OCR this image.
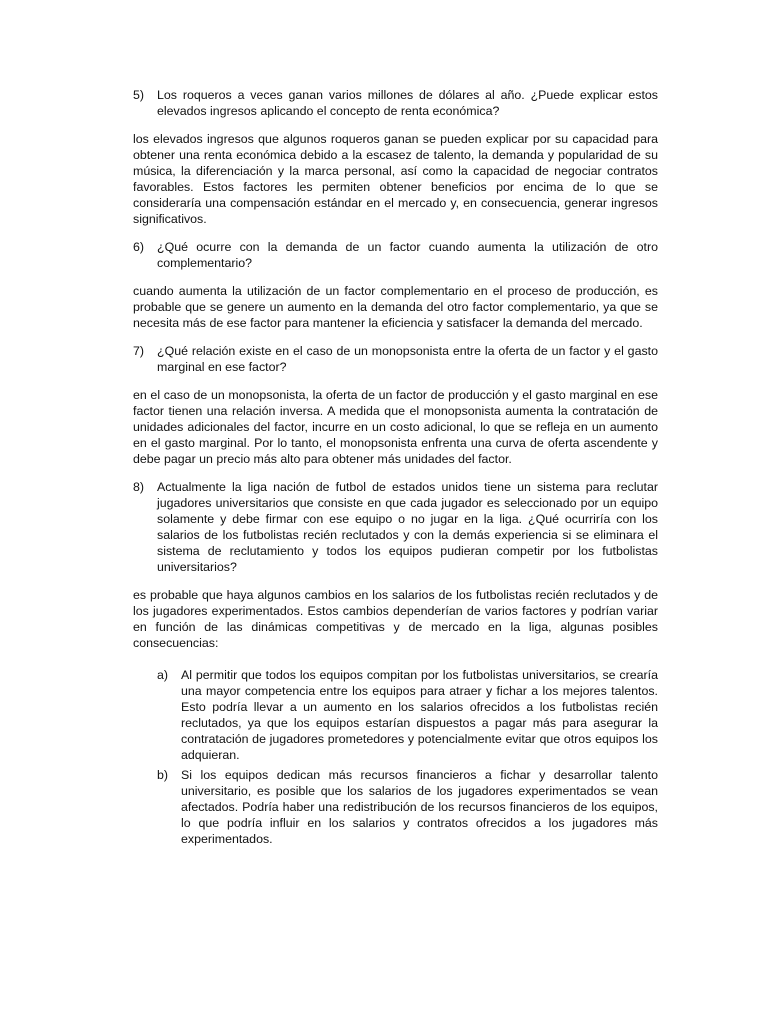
5)	Los roqueros a veces ganan varios millones de dólares al año. ¿Puede explicar estos elevados ingresos aplicando el concepto de renta económica?

los elevados ingresos que algunos roqueros ganan se pueden explicar por su capacidad para obtener una renta económica debido a la escasez de talento, la demanda y popularidad de su música, la diferenciación y la marca personal, así como la capacidad de negociar contratos favorables. Estos factores les permiten obtener beneficios por encima de lo que se consideraría una compensación estándar en el mercado y, en consecuencia, generar ingresos significativos.

6)	¿Qué ocurre con la demanda de un factor cuando aumenta la utilización de otro complementario?

cuando aumenta la utilización de un factor complementario en el proceso de producción, es probable que se genere un aumento en la demanda del otro factor complementario, ya que se necesita más de ese factor para mantener la eficiencia y satisfacer la demanda del mercado.

7)	¿Qué relación existe en el caso de un monopsonista entre la oferta de un factor y el gasto marginal en ese factor?

en el caso de un monopsonista, la oferta de un factor de producción y el gasto marginal en ese factor tienen una relación inversa. A medida que el monopsonista aumenta la contratación de unidades adicionales del factor, incurre en un costo adicional, lo que se refleja en un aumento en el gasto marginal. Por lo tanto, el monopsonista enfrenta una curva de oferta ascendente y debe pagar un precio más alto para obtener más unidades del factor.

8)	Actualmente la liga nación de futbol de estados unidos tiene un sistema para reclutar jugadores universitarios que consiste en que cada jugador es seleccionado por un equipo solamente y debe firmar con ese equipo o no jugar en la liga. ¿Qué ocurriría con los salarios de los futbolistas recién reclutados y con la demás experiencia si se eliminara el sistema de reclutamiento y todos los equipos pudieran competir por los futbolistas universitarios?

es probable que haya algunos cambios en los salarios de los futbolistas recién reclutados y de los jugadores experimentados. Estos cambios dependerían de varios factores y podrían variar en función de las dinámicas competitivas y de mercado en la liga, algunas posibles consecuencias:

a)	Al permitir que todos los equipos compitan por los futbolistas universitarios, se crearía una mayor competencia entre los equipos para atraer y fichar a los mejores talentos. Esto podría llevar a un aumento en los salarios ofrecidos a los futbolistas recién reclutados, ya que los equipos estarían dispuestos a pagar más para asegurar la contratación de jugadores prometedores y potencialmente evitar que otros equipos los adquieran.
b)	Si los equipos dedican más recursos financieros a fichar y desarrollar talento universitario, es posible que los salarios de los jugadores experimentados se vean afectados. Podría haber una redistribución de los recursos financieros de los equipos, lo que podría influir en los salarios y contratos ofrecidos a los jugadores más experimentados.
